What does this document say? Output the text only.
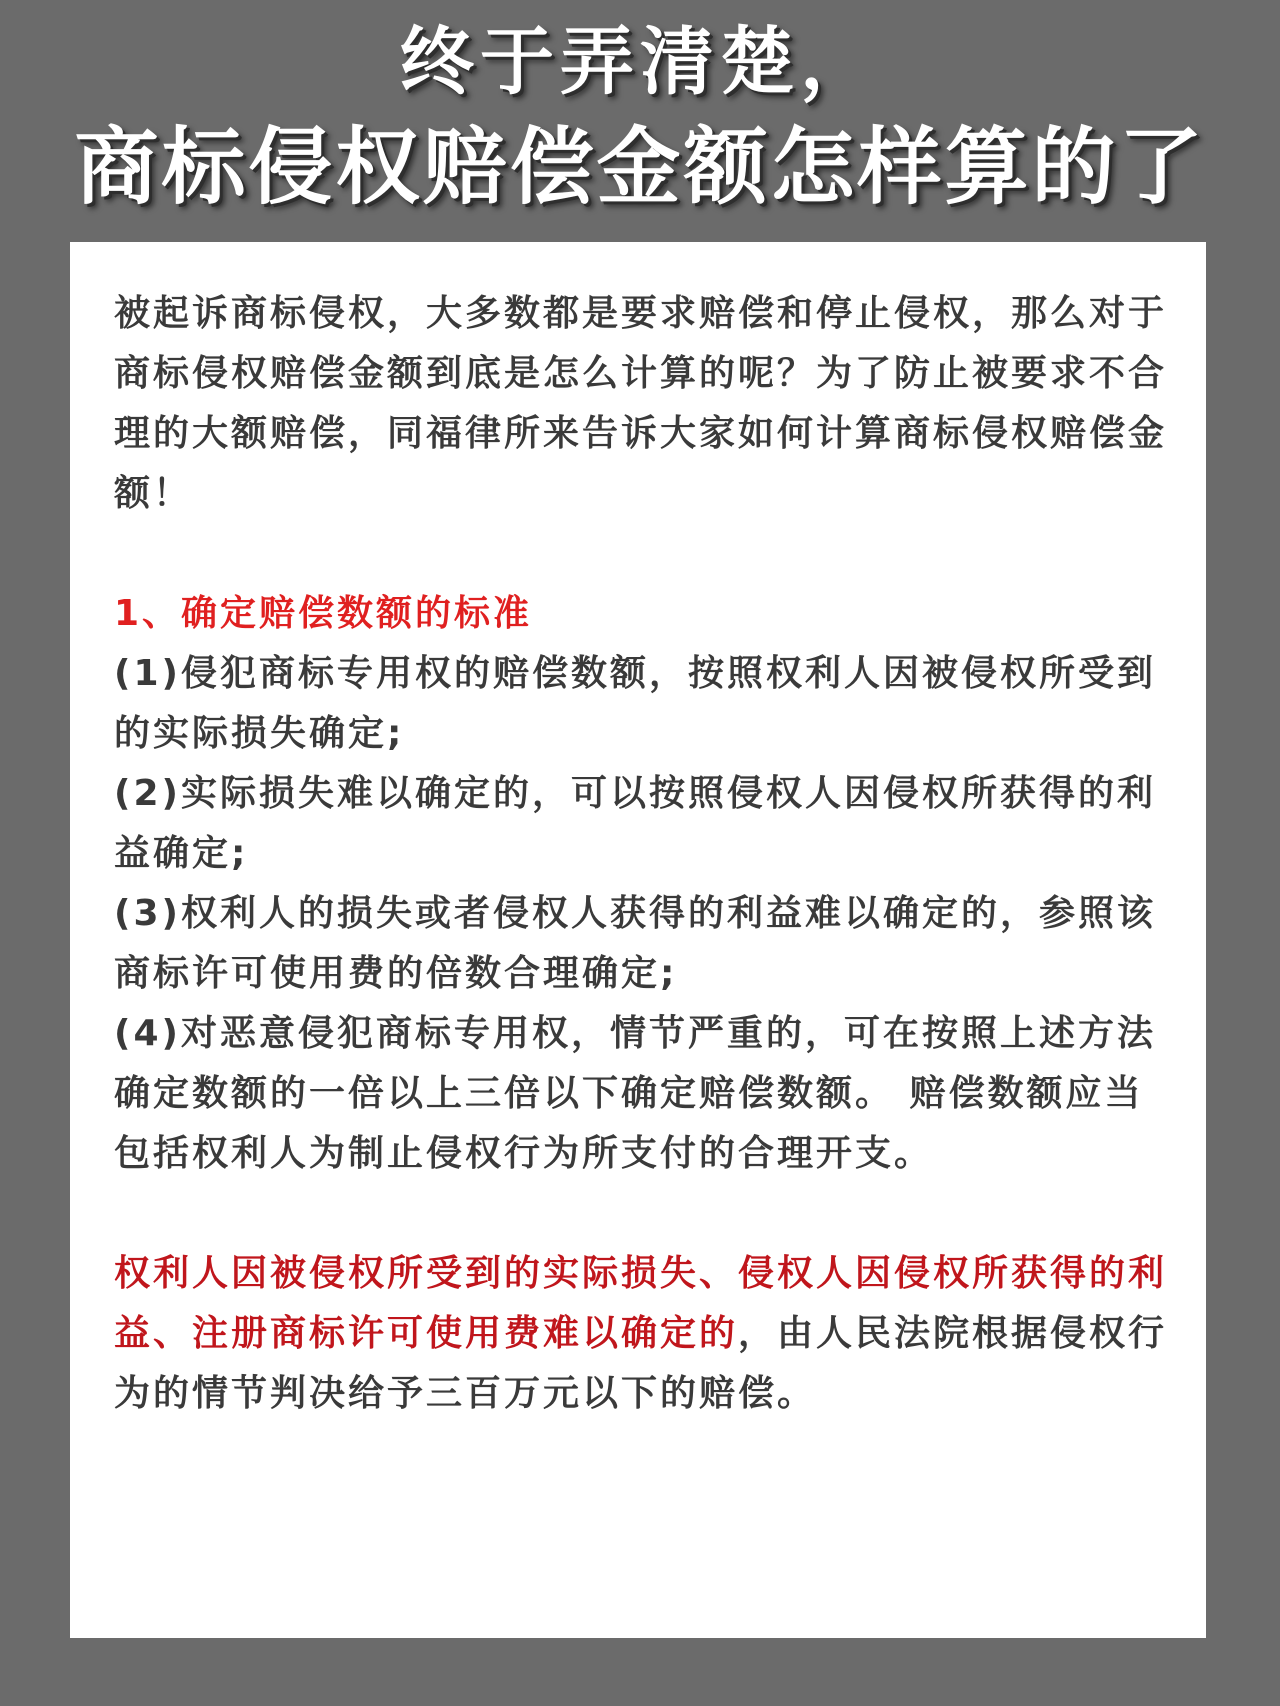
终于弄清楚，
商标侵权赔偿金额怎样算的了

被起诉商标侵权，大多数都是要求赔偿和停止侵权，那么对于商标侵权赔偿金额到底是怎么计算的呢？为了防止被要求不合理的大额赔偿，同福律所来告诉大家如何计算商标侵权赔偿金额！

1、确定赔偿数额的标准

(1)侵犯商标专用权的赔偿数额，按照权利人因被侵权所受到的实际损失确定;

(2)实际损失难以确定的，可以按照侵权人因侵权所获得的利益确定;

(3)权利人的损失或者侵权人获得的利益难以确定的，参照该商标许可使用费的倍数合理确定;

(4)对恶意侵犯商标专用权，情节严重的，可在按照上述方法确定数额的一倍以上三倍以下确定赔偿数额。 赔偿数额应当包括权利人为制止侵权行为所支付的合理开支。

权利人因被侵权所受到的实际损失、侵权人因侵权所获得的利益、注册商标许可使用费难以确定的，由人民法院根据侵权行为的情节判决给予三百万元以下的赔偿。
